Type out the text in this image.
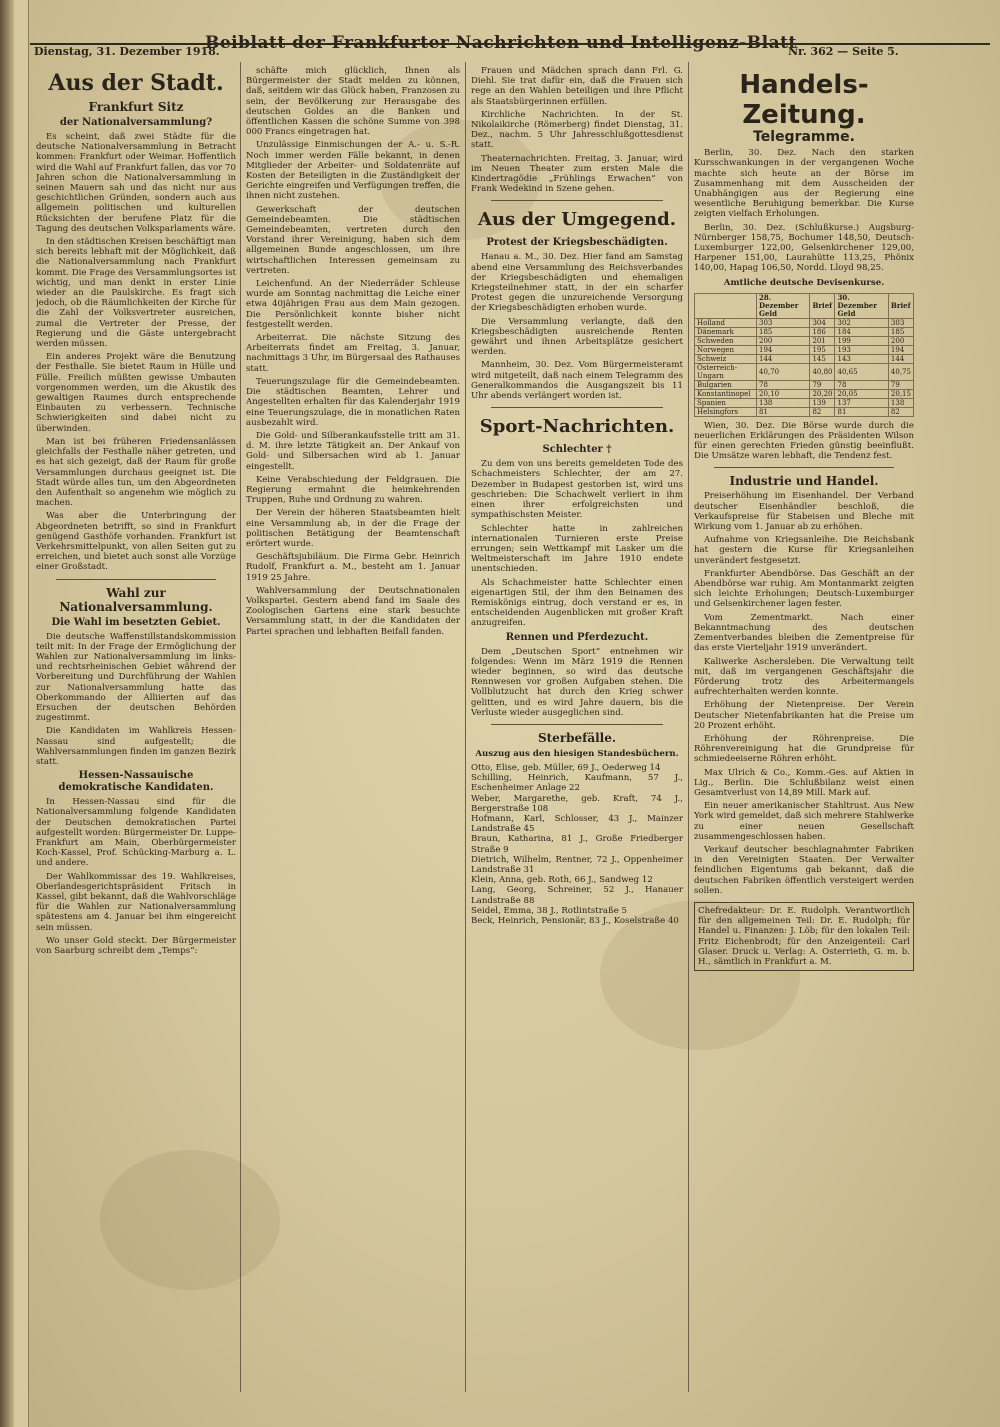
Dienstag, 31. Dezember 1918.
Beiblatt der Frankfurter Nachrichten und Intelligenz-Blatt
Nr. 362 — Seite 5.
Aus der Stadt.
Frankfurt Sitz
der Nationalversammlung?

Es scheint, daß zwei Städte für die deutsche Nationalversammlung in Betracht kommen: Frankfurt oder Weimar. Hoffentlich wird die Wahl auf Frankfurt fallen, das vor 70 Jahren schon die Nationalversammlung in seinen Mauern sah und das nicht nur aus geschichtlichen Gründen, sondern auch aus allgemein politischen und kulturellen Rücksichten der berufene Platz für die Tagung des deutschen Volksparlaments wäre.

In den städtischen Kreisen beschäftigt man sich bereits lebhaft mit der Möglichkeit, daß die Nationalversammlung nach Frankfurt kommt. Die Frage des Versammlungsortes ist wichtig, und man denkt in erster Linie wieder an die Paulskirche. Es fragt sich jedoch, ob die Räumlichkeiten der Kirche für die Zahl der Volksvertreter ausreichen, zumal die Vertreter der Presse, der Regierung und die Gäste untergebracht werden müssen.

Ein anderes Projekt wäre die Benutzung der Festhalle. Sie bietet Raum in Hülle und Fülle. Freilich müßten gewisse Umbauten vorgenommen werden, um die Akustik des gewaltigen Raumes durch entsprechende Einbauten zu verbessern. Technische Schwierigkeiten sind dabei nicht zu überwinden.

Man ist bei früheren Friedensanlässen gleichfalls der Festhalle näher getreten, und es hat sich gezeigt, daß der Raum für große Versammlungen durchaus geeignet ist. Die Stadt würde alles tun, um den Abgeordneten den Aufenthalt so angenehm wie möglich zu machen.

Was aber die Unterbringung der Abgeordneten betrifft, so sind in Frankfurt genügend Gasthöfe vorhanden. Frankfurt ist Verkehrsmittelpunkt, von allen Seiten gut zu erreichen, und bietet auch sonst alle Vorzüge einer Großstadt.

Wahl zur Nationalversammlung.
Die Wahl im besetzten Gebiet.

Die deutsche Waffenstillstandskommission teilt mit: In der Frage der Ermöglichung der Wahlen zur Nationalversammlung im links- und rechtsrheinischen Gebiet während der Vorbereitung und Durchführung der Wahlen zur Nationalversammlung hatte das Oberkommando der Alliierten auf das Ersuchen der deutschen Behörden zugestimmt.

Die Kandidaten im Wahlkreis Hessen-Nassau sind aufgestellt; die Wahlversammlungen finden im ganzen Bezirk statt.

Hessen-Nassauische demokratische Kandidaten.

In Hessen-Nassau sind für die Nationalversammlung folgende Kandidaten der Deutschen demokratischen Partei aufgestellt worden: Bürgermeister Dr. Luppe-Frankfurt am Main, Oberbürgermeister Koch-Kassel, Prof. Schücking-Marburg a. L. und andere.

Der Wahlkommissar des 19. Wahlkreises, Oberlandesgerichtspräsident Fritsch in Kassel, gibt bekannt, daß die Wahlvorschläge für die Wahlen zur Nationalversammlung spätestens am 4. Januar bei ihm eingereicht sein müssen.

Wo unser Gold steckt. Der Bürgermeister von Saarburg schreibt dem „Temps“:

schäfte mich glücklich, Ihnen als Bürgermeister der Stadt melden zu können, daß, seitdem wir das Glück haben, Franzosen zu sein, der Bevölkerung zur Herausgabe des deutschen Goldes an die Banken und öffentlichen Kassen die schöne Summe von 398 000 Francs eingetragen hat.

Unzulässige Einmischungen der A.- u. S.-R. Noch immer werden Fälle bekannt, in denen Mitglieder der Arbeiter- und Soldatenräte auf Kosten der Beteiligten in die Zuständigkeit der Gerichte eingreifen und Verfügungen treffen, die ihnen nicht zustehen.

Gewerkschaft der deutschen Gemeindebeamten. Die städtischen Gemeindebeamten, vertreten durch den Vorstand ihrer Vereinigung, haben sich dem allgemeinen Bunde angeschlossen, um ihre wirtschaftlichen Interessen gemeinsam zu vertreten.

Leichenfund. An der Niederräder Schleuse wurde am Sonntag nachmittag die Leiche einer etwa 40jährigen Frau aus dem Main gezogen. Die Persönlichkeit konnte bisher nicht festgestellt werden.

Arbeiterrat. Die nächste Sitzung des Arbeiterrats findet am Freitag, 3. Januar, nachmittags 3 Uhr, im Bürgersaal des Rathauses statt.

Teuerungszulage für die Gemeindebeamten. Die städtischen Beamten, Lehrer und Angestellten erhalten für das Kalenderjahr 1919 eine Teuerungszulage, die in monatlichen Raten ausbezahlt wird.

Die Gold- und Silberankaufsstelle tritt am 31. d. M. ihre letzte Tätigkeit an. Der Ankauf von Gold- und Silbersachen wird ab 1. Januar eingestellt.

Keine Verabschiedung der Feldgrauen. Die Regierung ermahnt die heimkehrenden Truppen, Ruhe und Ordnung zu wahren.

Der Verein der höheren Staatsbeamten hielt eine Versammlung ab, in der die Frage der politischen Betätigung der Beamtenschaft erörtert wurde.

Geschäftsjubiläum. Die Firma Gebr. Heinrich Rudolf, Frankfurt a. M., besteht am 1. Januar 1919 25 Jahre.

Wahlversammlung der Deutschnationalen Volkspartei. Gestern abend fand im Saale des Zoologischen Gartens eine stark besuchte Versammlung statt, in der die Kandidaten der Partei sprachen und lebhaften Beifall fanden.

Frauen und Mädchen sprach dann Frl. G. Diehl. Sie trat dafür ein, daß die Frauen sich rege an den Wahlen beteiligen und ihre Pflicht als Staatsbürgerinnen erfüllen.

Kirchliche Nachrichten. In der St. Nikolaikirche (Römerberg) findet Dienstag, 31. Dez., nachm. 5 Uhr Jahresschlußgottesdienst statt.

Theaternachrichten. Freitag, 3. Januar, wird im Neuen Theater zum ersten Male die Kindertragödie „Frühlings Erwachen“ von Frank Wedekind in Szene gehen.

Aus der Umgegend.
Protest der Kriegsbeschädigten.

Hanau a. M., 30. Dez. Hier fand am Samstag abend eine Versammlung des Reichsverbandes der Kriegsbeschädigten und ehemaligen Kriegsteilnehmer statt, in der ein scharfer Protest gegen die unzureichende Versorgung der Kriegsbeschädigten erhoben wurde.

Die Versammlung verlangte, daß den Kriegsbeschädigten ausreichende Renten gewährt und ihnen Arbeitsplätze gesichert werden.

Mannheim, 30. Dez. Vom Bürgermeisteramt wird mitgeteilt, daß nach einem Telegramm des Generalkommandos die Ausgangszeit bis 11 Uhr abends verlängert worden ist.

Sport-Nachrichten.
Schlechter †

Zu dem von uns bereits gemeldeten Tode des Schachmeisters Schlechter, der am 27. Dezember in Budapest gestorben ist, wird uns geschrieben: Die Schachwelt verliert in ihm einen ihrer erfolgreichsten und sympathischsten Meister.

Schlechter hatte in zahlreichen internationalen Turnieren erste Preise errungen; sein Wettkampf mit Lasker um die Weltmeisterschaft im Jahre 1910 endete unentschieden.

Als Schachmeister hatte Schlechter einen eigenartigen Stil, der ihm den Beinamen des Remiskönigs eintrug, doch verstand er es, in entscheidenden Augenblicken mit großer Kraft anzugreifen.

Rennen und Pferdezucht.

Dem „Deutschen Sport“ entnehmen wir folgendes: Wenn im März 1919 die Rennen wieder beginnen, so wird das deutsche Rennwesen vor großen Aufgaben stehen. Die Vollblutzucht hat durch den Krieg schwer gelitten, und es wird Jahre dauern, bis die Verluste wieder ausgeglichen sind.

Sterbefälle.
Auszug aus den hiesigen Standesbüchern.
Otto, Elise, geb. Müller, 69 J., Oederweg 14
Schilling, Heinrich, Kaufmann, 57 J., Eschenheimer Anlage 22
Weber, Margarethe, geb. Kraft, 74 J., Bergerstraße 108
Hofmann, Karl, Schlosser, 43 J., Mainzer Landstraße 45
Braun, Katharina, 81 J., Große Friedberger Straße 9
Dietrich, Wilhelm, Rentner, 72 J., Oppenheimer Landstraße 31
Klein, Anna, geb. Roth, 66 J., Sandweg 12
Lang, Georg, Schreiner, 52 J., Hanauer Landstraße 88
Seidel, Emma, 38 J., Rotlintstraße 5
Beck, Heinrich, Pensionär, 83 J., Koselstraße 40
Handels-Zeitung.
Telegramme.

Berlin, 30. Dez. Nach den starken Kursschwankungen in der vergangenen Woche machte sich heute an der Börse im Zusammenhang mit dem Ausscheiden der Unabhängigen aus der Regierung eine wesentliche Beruhigung bemerkbar. Die Kurse zeigten vielfach Erholungen.

Berlin, 30. Dez. (Schlußkurse.) Augsburg-Nürnberger 158,75, Bochumer 148,50, Deutsch-Luxemburger 122,00, Gelsenkirchener 129,00, Harpener 151,00, Laurahütte 113,25, Phönix 140,00, Hapag 106,50, Nordd. Lloyd 98,25.

Amtliche deutsche Devisenkurse.
	28. Dezember Geld	Brief	30. Dezember Geld	Brief
Holland	303	304	302	303
Dänemark	185	186	184	185
Schweden	200	201	199	200
Norwegen	194	195	193	194
Schweiz	144	145	143	144
Österreich-Ungarn	40,70	40,80	40,65	40,75
Bulgarien	78	79	78	79
Konstantinopel	20,10	20,20	20,05	20,15
Spanien	138	139	137	138
Helsingfors	81	82	81	82

Wien, 30. Dez. Die Börse wurde durch die neuerlichen Erklärungen des Präsidenten Wilson für einen gerechten Frieden günstig beeinflußt. Die Umsätze waren lebhaft, die Tendenz fest.

Industrie und Handel.

Preiserhöhung im Eisenhandel. Der Verband deutscher Eisenhändler beschloß, die Verkaufspreise für Stabeisen und Bleche mit Wirkung vom 1. Januar ab zu erhöhen.

Aufnahme von Kriegsanleihe. Die Reichsbank hat gestern die Kurse für Kriegsanleihen unverändert festgesetzt.

Frankfurter Abendbörse. Das Geschäft an der Abendbörse war ruhig. Am Montanmarkt zeigten sich leichte Erholungen; Deutsch-Luxemburger und Gelsenkirchener lagen fester.

Vom Zementmarkt. Nach einer Bekanntmachung des deutschen Zementverbandes bleiben die Zementpreise für das erste Vierteljahr 1919 unverändert.

Kaliwerke Aschersleben. Die Verwaltung teilt mit, daß im vergangenen Geschäftsjahr die Förderung trotz des Arbeitermangels aufrechterhalten werden konnte.

Erhöhung der Nietenpreise. Der Verein Deutscher Nietenfabrikanten hat die Preise um 20 Prozent erhöht.

Erhöhung der Röhrenpreise. Die Röhrenvereinigung hat die Grundpreise für schmiedeeiserne Röhren erhöht.

Max Ulrich & Co., Komm.-Ges. auf Aktien in Lig., Berlin. Die Schlußbilanz weist einen Gesamtverlust von 14,89 Mill. Mark auf.

Ein neuer amerikanischer Stahltrust. Aus New York wird gemeldet, daß sich mehrere Stahlwerke zu einer neuen Gesellschaft zusammengeschlossen haben.

Verkauf deutscher beschlagnahmter Fabriken in den Vereinigten Staaten. Der Verwalter feindlichen Eigentums gab bekannt, daß die deutschen Fabriken öffentlich versteigert werden sollen.

Chefredakteur: Dr. E. Rudolph. Verantwortlich für den allgemeinen Teil: Dr. E. Rudolph; für Handel u. Finanzen: J. Löb; für den lokalen Teil: Fritz Eichenbrodt; für den Anzeigenteil: Carl Glaser. Druck u. Verlag: A. Osterrieth, G. m. b. H., sämtlich in Frankfurt a. M.
